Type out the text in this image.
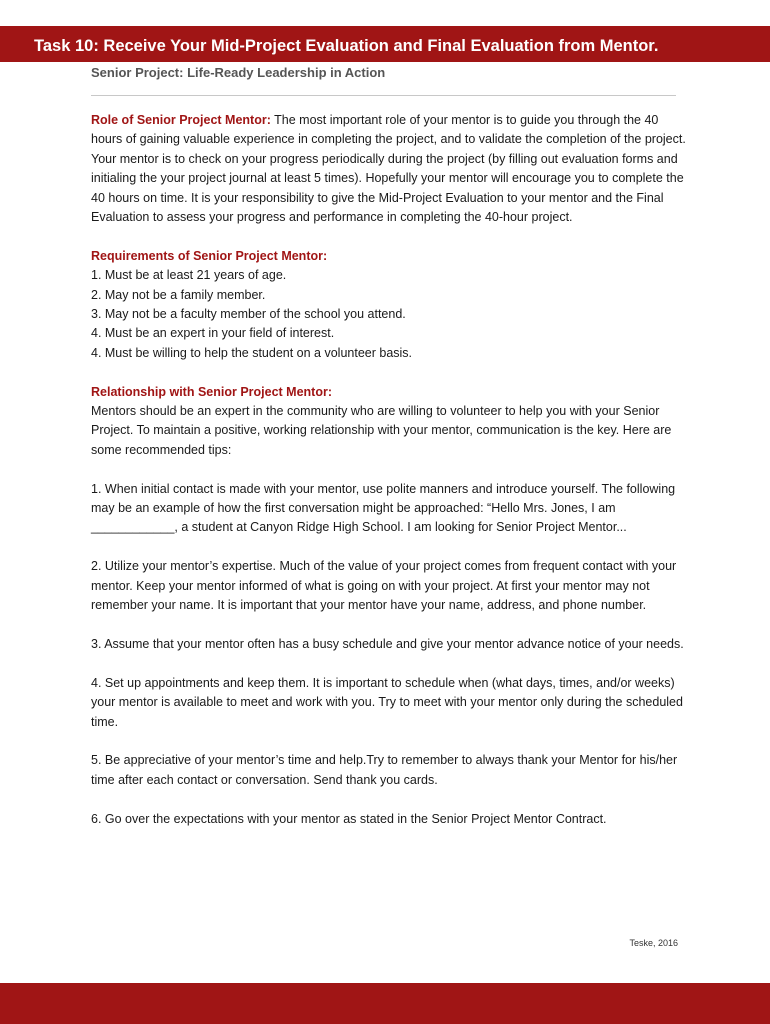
Task 10: Receive Your Mid-Project Evaluation and Final Evaluation from Mentor.

Senior Project: Life-Ready Leadership in Action

Role of Senior Project Mentor: The most important role of your mentor is to guide you through the 40 hours of gaining valuable experience in completing the project, and to validate the completion of the project. Your mentor is to check on your progress periodically during the project (by filling out evaluation forms and initialing the your project journal at least 5 times). Hopefully your mentor will encourage you to complete the 40 hours on time. It is your responsibility to give the Mid-Project Evaluation to your mentor and the Final Evaluation to assess your progress and performance in completing the 40-hour project.

Requirements of Senior Project Mentor:
1. Must be at least 21 years of age.
2. May not be a family member.
3. May not be a faculty member of the school you attend.
4. Must be an expert in your field of interest.
4. Must be willing to help the student on a volunteer basis.

Relationship with Senior Project Mentor:
Mentors should be an expert in the community who are willing to volunteer to help you with your Senior Project. To maintain a positive, working relationship with your mentor, communication is the key. Here are some recommended tips:

1. When initial contact is made with your mentor, use polite manners and introduce yourself. The following may be an example of how the first conversation might be approached: “Hello Mrs. Jones, I am ____________, a student at Canyon Ridge High School. I am looking for Senior Project Mentor...

2. Utilize your mentor’s expertise. Much of the value of your project comes from frequent contact with your mentor. Keep your mentor informed of what is going on with your project. At first your mentor may not remember your name. It is important that your mentor have your name, address, and phone number.

3. Assume that your mentor often has a busy schedule and give your mentor advance notice of your needs.

4. Set up appointments and keep them. It is important to schedule when (what days, times, and/or weeks) your mentor is available to meet and work with you. Try to meet with your mentor only during the scheduled time.

5. Be appreciative of your mentor’s time and help.Try to remember to always thank your Mentor for his/her time after each contact or conversation. Send thank you cards.

6. Go over the expectations with your mentor as stated in the Senior Project Mentor Contract.

Teske, 2016
